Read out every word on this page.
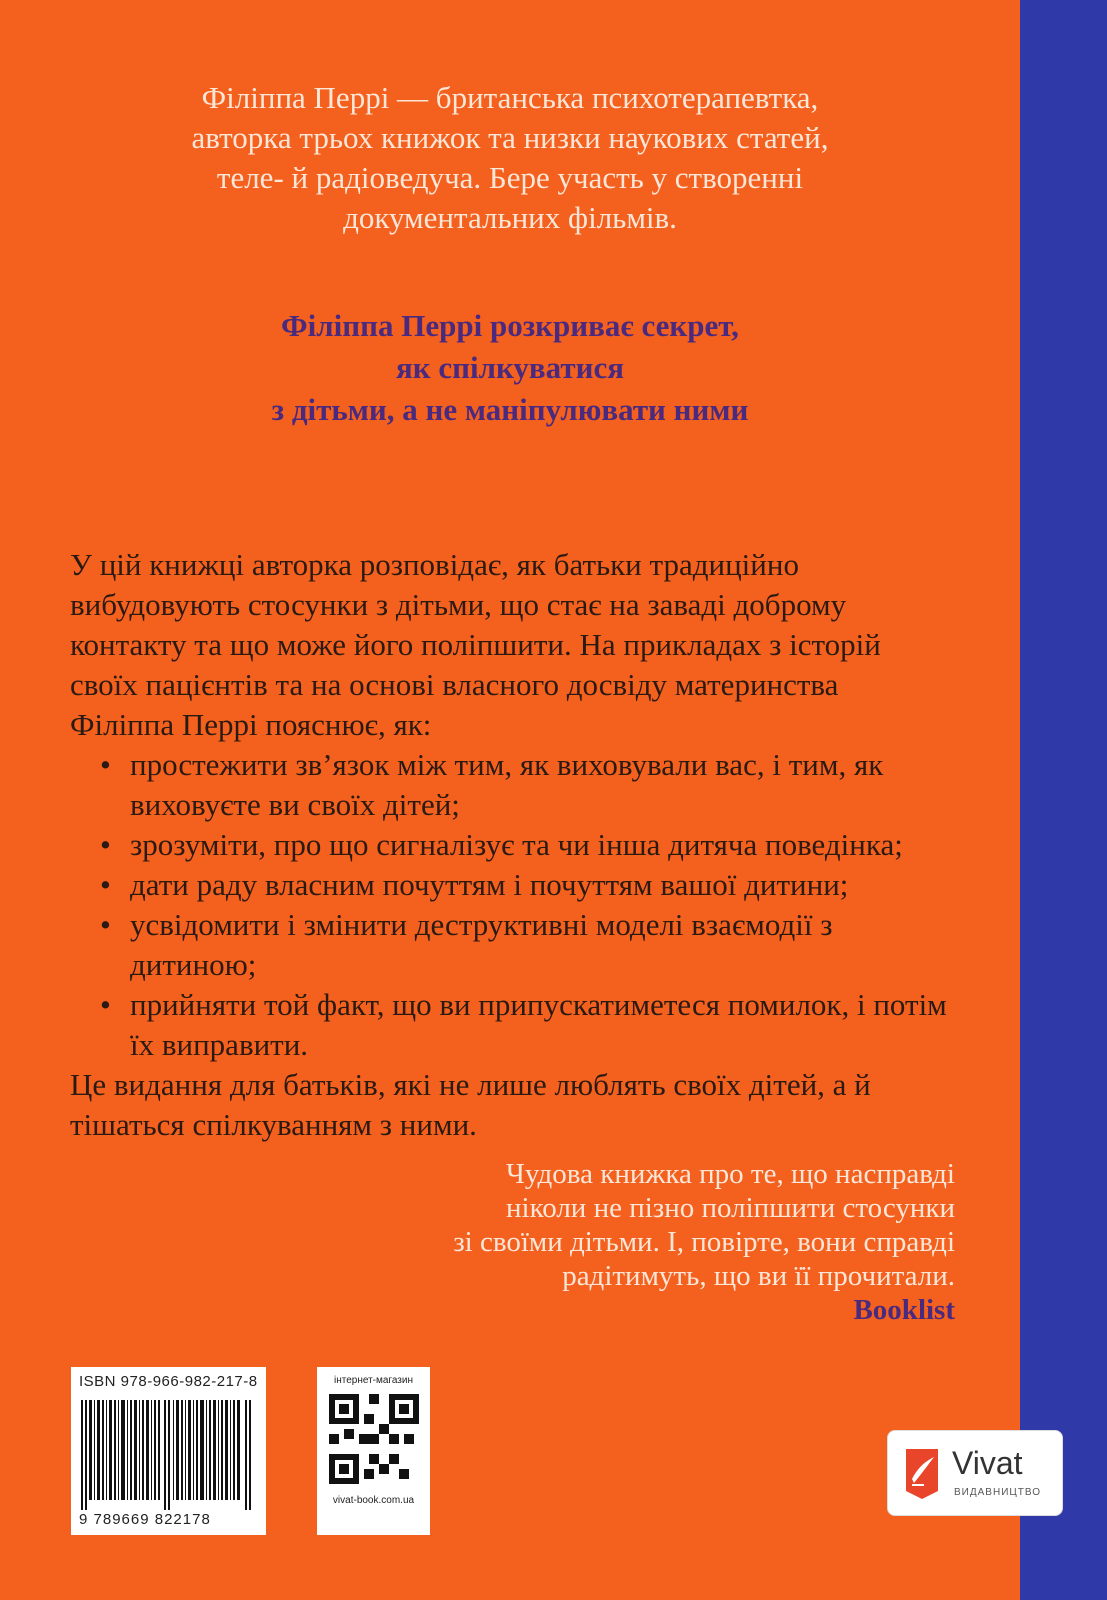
Філіппа Перрі — британська психотерапевтка,
авторка трьох книжок та низки наукових статей,
теле- й радіоведуча. Бере участь у створенні
документальних фільмів.
Філіппа Перрі розкриває секрет,
як спілкуватися
з дітьми, а не маніпулювати ними
У цій книжці авторка розповідає, як батьки традиційно вибудовують стосунки з дітьми, що стає на заваді доброму контакту та що може його поліпшити. На прикладах з історій своїх пацієнтів та на основі власного досвіду материнства Філіппа Перрі пояснює, як:
• простежити зв’язок між тим, як виховували вас, і тим, як виховуєте ви своїх дітей;
• зрозуміти, про що сигналізує та чи інша дитяча поведінка;
• дати раду власним почуттям і почуттям вашої дитини;
• усвідомити і змінити деструктивні моделі взаємодії з дитиною;
• прийняти той факт, що ви припускатиметеся помилок, і потім їх виправити.
Це видання для батьків, які не лише люблять своїх дітей, а й тішаться спілкуванням з ними.
Чудова книжка про те, що насправді
ніколи не пізно поліпшити стосунки
зі своїми дітьми. І, повірте, вони справді
радітимуть, що ви її прочитали.
Booklist
ISBN 978-966-982-217-8
9 789669 822178
інтернет-магазин
vivat-book.com.ua
Vivat
ВИДАВНИЦТВО
